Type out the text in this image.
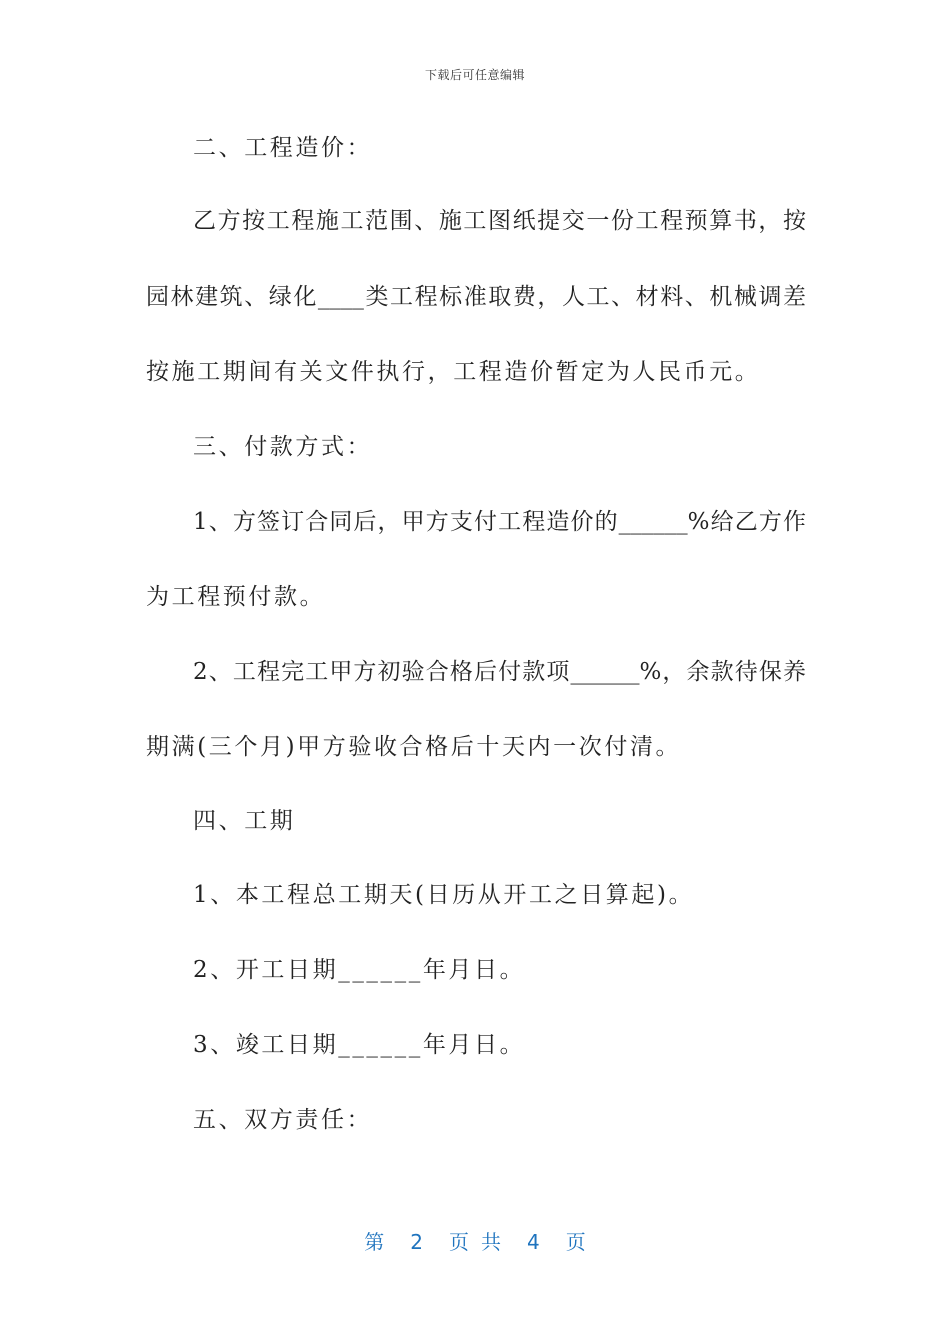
下载后可任意编辑
二、工程造价：
乙方按工程施工范围、施工图纸提交一份工程预算书，按
园林建筑、绿化____类工程标准取费，人工、材料、机械调差
按施工期间有关文件执行，工程造价暂定为人民币元。
三、付款方式：
1、方签订合同后，甲方支付工程造价的______%给乙方作
为工程预付款。
2、工程完工甲方初验合格后付款项______%，余款待保养
期满(三个月)甲方验收合格后十天内一次付清。
四、工期
1、本工程总工期天(日历从开工之日算起)。
2、开工日期______年月日。
3、竣工日期______年月日。
五、双方责任：
第 2 页共 4 页
